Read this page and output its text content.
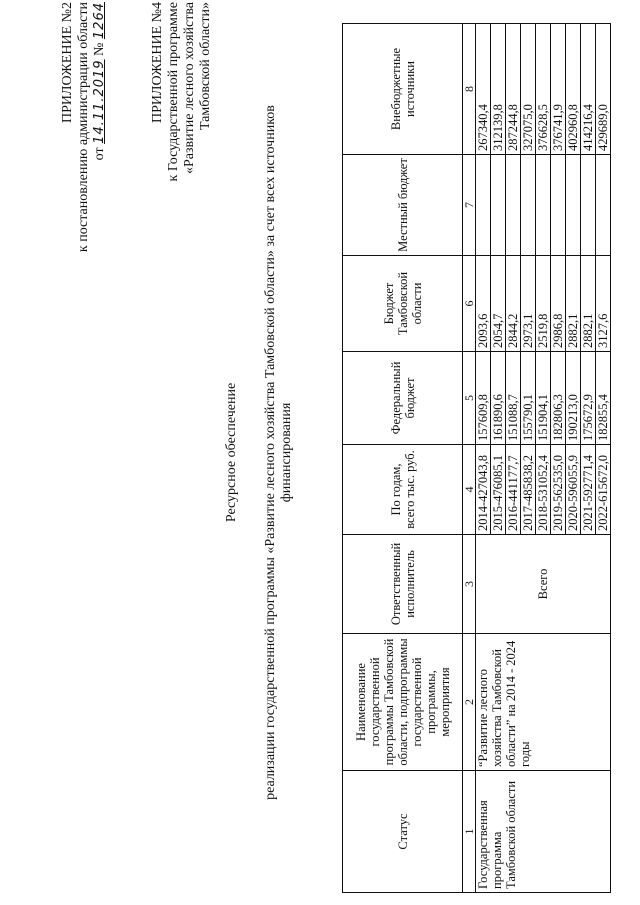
ПРИЛОЖЕНИЕ №2 к постановлению администрации области от 14.11.2019 № 1264	ПРИЛОЖЕНИЕ №4 к Государственной программе «Развитие лесного хозяйства Тамбовской области»
Ресурсное обеспечение реализации государственной программы «Развитие лесного хозяйства Тамбовской области» за счет всех источников финансирования
Статус	Наименование государственной программы Тамбовской области, подпрограммы государственной программы, мероприятия	Ответственный исполнитель	По годам, всего тыс. руб.	Федеральный бюджет	Бюджет Тамбовской области	Местный бюджет	Внебюджетные источники
1	2	3	4	5	6	7	8
Государственная программа Тамбовской области	“Развитие лесного хозяйства Тамбовской области” на 2014 - 2024 годы	Всего	2014-427043,8	157609,8	2093,6		267340,4
			2015-476085,1	161890,6	2054,7		312139,8
			2016-441177,7	151088,7	2844,2		287244,8
			2017-485838,2	155790,1	2973,1		327075,0
			2018-531052,4	151904,1	2519,8		376628,5
			2019-562535,0	182806,3	2986,8		376741,9
			2020-596055,9	190213,0	2882,1		402960,8
			2021-592771,4	175672,9	2882,1		414216,4
			2022-615672,0	182855,4	3127,6		429689,0
